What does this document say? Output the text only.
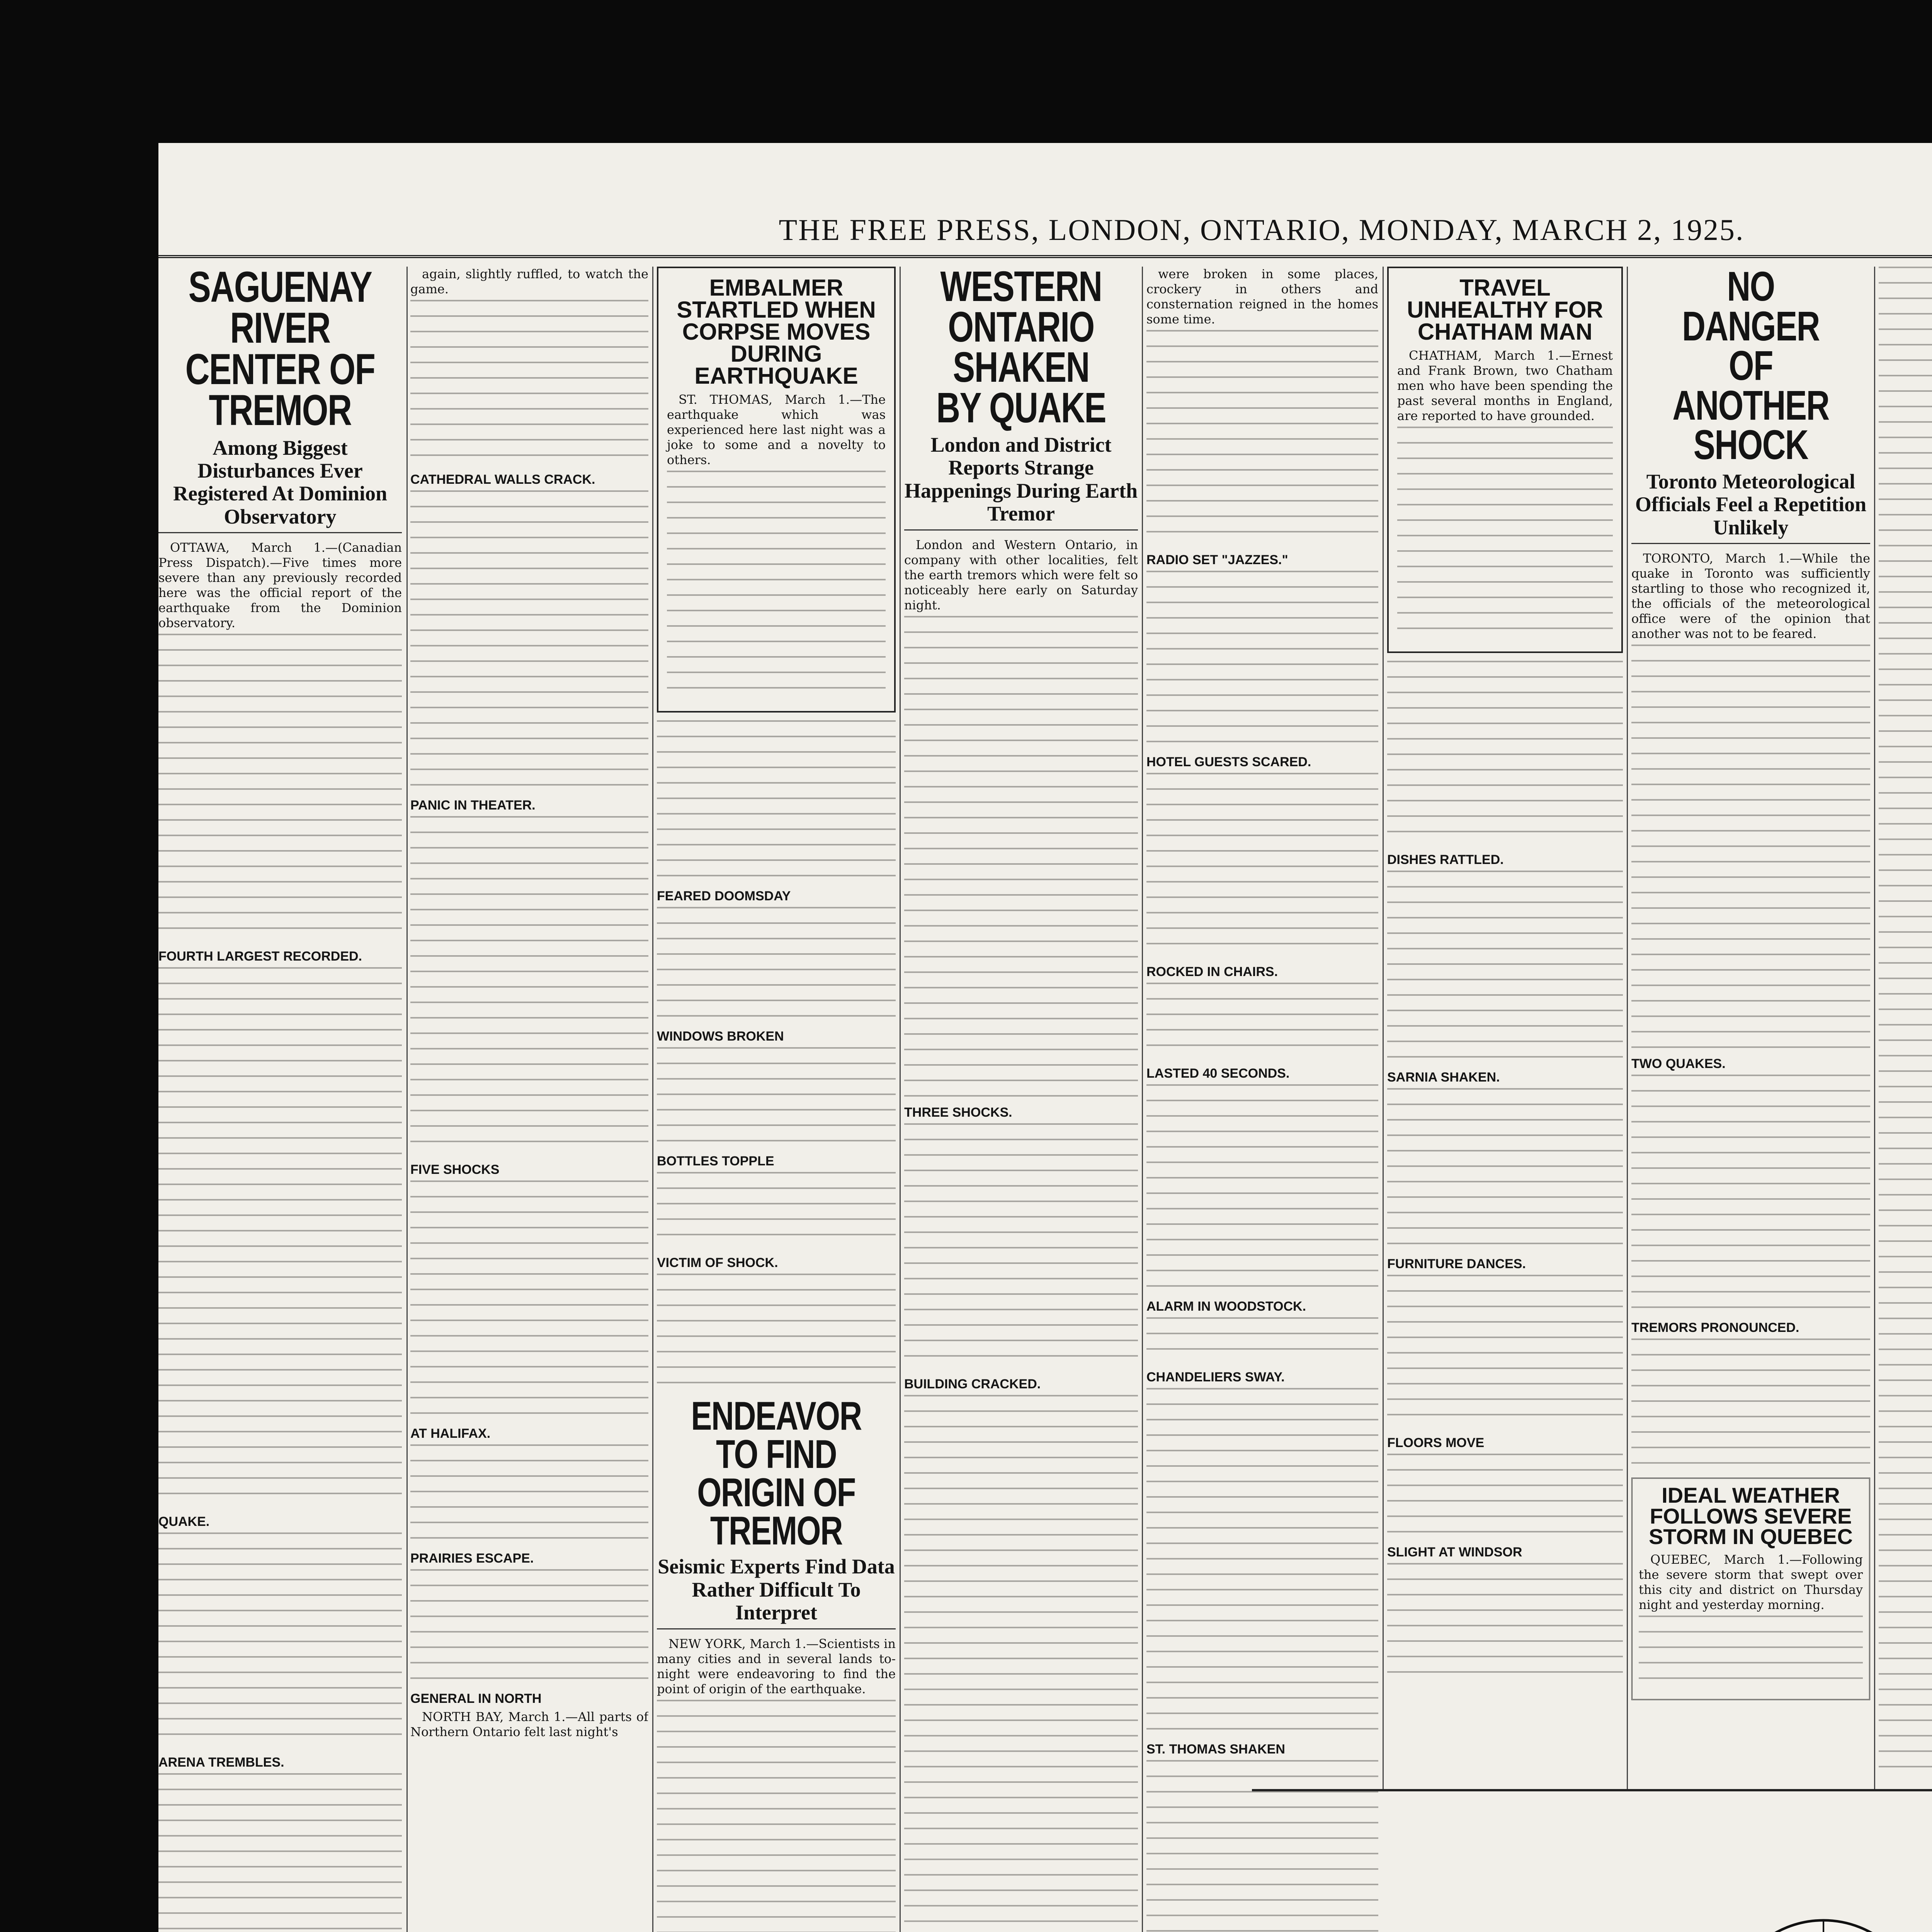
THE FREE PRESS, LONDON, ONTARIO, MONDAY, MARCH 2, 1925.
SAGUENAY RIVER CENTER OF TREMOR
Among Biggest Disturbances Ever Registered At Dominion Observatory

OTTAWA, March 1.—(Canadian Press Dispatch).—Five times more severe than any previously recorded here was the official report of the earthquake from the Dominion observatory.

FOURTH LARGEST RECORDED.
QUAKE.
ARENA TREMBLES.

again, slightly ruffled, to watch the game.

CATHEDRAL WALLS CRACK.
PANIC IN THEATER.
FIVE SHOCKS
AT HALIFAX.
PRAIRIES ESCAPE.
GENERAL IN NORTH

NORTH BAY, March 1.—All parts of Northern Ontario felt last night's

EMBALMER STARTLED WHEN CORPSE MOVES DURING EARTHQUAKE

ST. THOMAS, March 1.—The earthquake which was experienced here last night was a joke to some and a novelty to others.

FEARED DOOMSDAY
WINDOWS BROKEN
BOTTLES TOPPLE
VICTIM OF SHOCK.
ENDEAVOR TO FIND ORIGIN OF TREMOR
Seismic Experts Find Data Rather Difficult To Interpret

NEW YORK, March 1.—Scientists in many cities and in several lands to-night were endeavoring to find the point of origin of the earthquake.

WESTERN ONTARIO SHAKEN BY QUAKE
London and District Reports Strange Happenings During Earth Tremor

London and Western Ontario, in company with other localities, felt the earth tremors which were felt so noticeably here early on Saturday night.

THREE SHOCKS.
BUILDING CRACKED.

were broken in some places, crockery in others and consternation reigned in the homes some time.

RADIO SET "JAZZES."
HOTEL GUESTS SCARED.
ROCKED IN CHAIRS.
LASTED 40 SECONDS.
ALARM IN WOODSTOCK.
CHANDELIERS SWAY.
ST. THOMAS SHAKEN
TRAVEL UNHEALTHY FOR CHATHAM MAN

CHATHAM, March 1.—Ernest and Frank Brown, two Chatham men who have been spending the past several months in England, are reported to have grounded.

DISHES RATTLED.
SARNIA SHAKEN.
FURNITURE DANCES.
FLOORS MOVE
SLIGHT AT WINDSOR
NO DANGER OF ANOTHER SHOCK
Toronto Meteorological Officials Feel a Repetition Unlikely

TORONTO, March 1.—While the quake in Toronto was sufficiently startling to those who recognized it, the officials of the meteorological office were of the opinion that another was not to be feared.

TWO QUAKES.
TREMORS PRONOUNCED.
IDEAL WEATHER FOLLOWS SEVERE STORM IN QUEBEC

QUEBEC, March 1.—Following the severe storm that swept over this city and district on Thursday night and yesterday morning.
